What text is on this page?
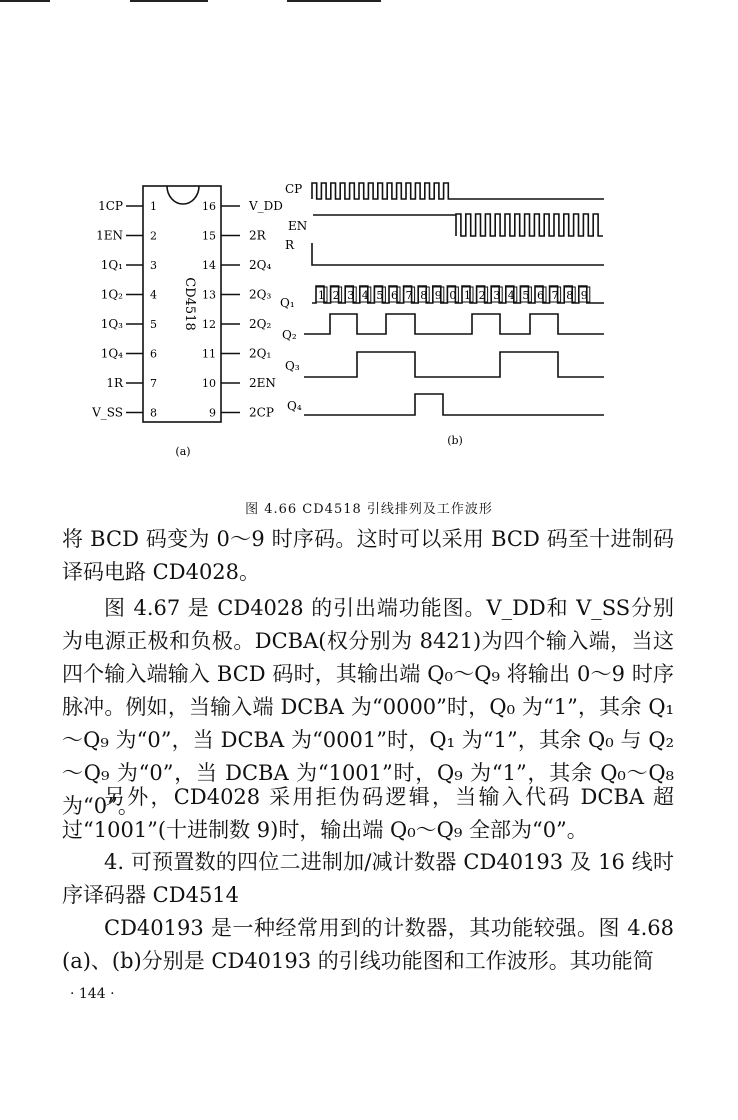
CD4518
1CP 1
1EN 2
1Q₁ 3
1Q₂ 4
1Q₃ 5
1Q₄ 6
1R 7
V_SS 8
V_DD
16
2R
15
2Q₄
14
2Q₃
13
2Q₂
12
2Q₁
11
2EN
10
2CP
9
CP
EN
R
Q₁
1 2 3 4 5 6 7 8 9 0 1 2 3 4 5 6 7 8 9
Q₂
Q₃
Q₄
(a)
(b)
图 4.66 CD4518 引线排列及工作波形

将 BCD 码变为 0～9 时序码。这时可以采用 BCD 码至十进制码译码电路 CD4028。

图 4.67 是 CD4028 的引出端功能图。V_DD和 V_SS分别为电源正极和负极。DCBA(权分别为 8421)为四个输入端，当这四个输入端输入 BCD 码时，其输出端 Q₀～Q₉ 将输出 0～9 时序脉冲。例如，当输入端 DCBA 为“0000”时，Q₀ 为“1”，其余 Q₁～Q₉ 为“0”，当 DCBA 为“0001”时，Q₁ 为“1”，其余 Q₀ 与 Q₂～Q₉ 为“0”，当 DCBA 为“1001”时，Q₉ 为“1”，其余 Q₀～Q₈ 为“0”。

另外，CD4028 采用拒伪码逻辑，当输入代码 DCBA 超过“1001”(十进制数 9)时，输出端 Q₀～Q₉ 全部为“0”。

4. 可预置数的四位二进制加/减计数器 CD40193 及 16 线时序译码器 CD4514

CD40193 是一种经常用到的计数器，其功能较强。图 4.68 (a)、(b)分别是 CD40193 的引线功能图和工作波形。其功能简

· 144 ·
